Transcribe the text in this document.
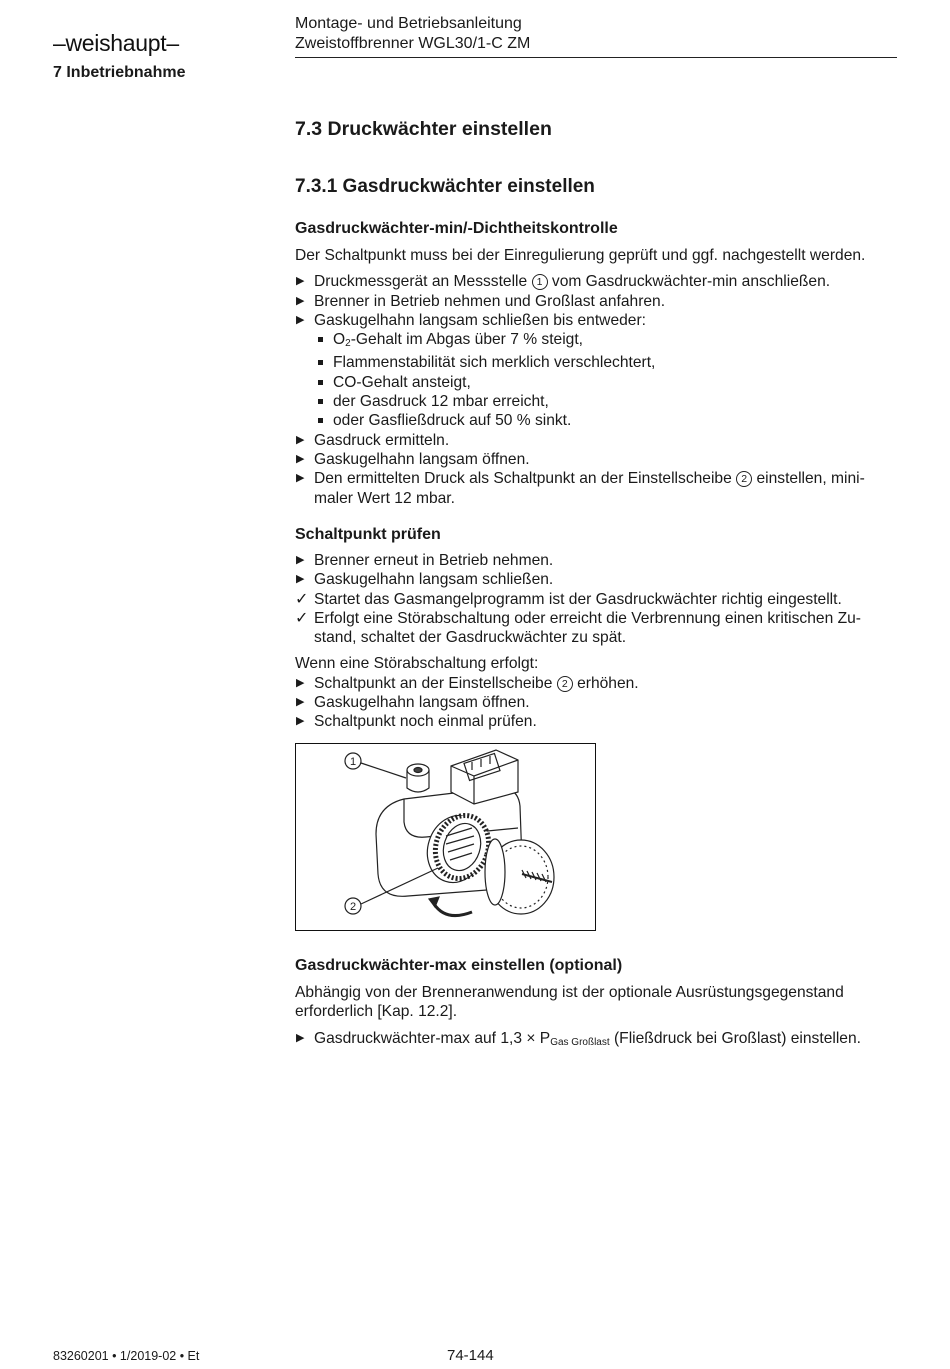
–weishaupt–
Montage- und Betriebsanleitung
Zweistoffbrenner WGL30/1-C ZM
7 Inbetriebnahme
7.3 Druckwächter einstellen
7.3.1 Gasdruckwächter einstellen
Gasdruckwächter-min/-Dichtheitskontrolle

Der Schaltpunkt muss bei der Einregulierung geprüft und ggf. nachgestellt werden.

▶ Druckmessgerät an Messstelle 1 vom Gasdruckwächter-min anschließen.
▶ Brenner in Betrieb nehmen und Großlast anfahren.
▶ Gaskugelhahn langsam schließen bis entweder:
O2-Gehalt im Abgas über 7 % steigt,
Flammenstabilität sich merklich verschlechtert,
CO-Gehalt ansteigt,
der Gasdruck 12 mbar erreicht,
oder Gasfließdruck auf 50 % sinkt.
▶ Gasdruck ermitteln.
▶ Gaskugelhahn langsam öffnen.
▶ Den ermittelten Druck als Schaltpunkt an der Einstellscheibe 2 einstellen, mini-
maler Wert 12 mbar.
Schaltpunkt prüfen
▶ Brenner erneut in Betrieb nehmen.
▶ Gaskugelhahn langsam schließen.
✓ Startet das Gasmangelprogramm ist der Gasdruckwächter richtig eingestellt.
✓ Erfolgt eine Störabschaltung oder erreicht die Verbrennung einen kritischen Zu-
stand, schaltet der Gasdruckwächter zu spät.

Wenn eine Störabschaltung erfolgt:

▶ Schaltpunkt an der Einstellscheibe 2 erhöhen.
▶ Gaskugelhahn langsam öffnen.
▶ Schaltpunkt noch einmal prüfen.
1
2
Gasdruckwächter-max einstellen (optional)

Abhängig von der Brenneranwendung ist der optionale Ausrüstungsgegenstand
erforderlich [Kap. 12.2].

▶ Gasdruckwächter-max auf 1,3 × PGas Großlast (Fließdruck bei Großlast) einstellen.
83260201 • 1/2019-02 • Et	74-144
